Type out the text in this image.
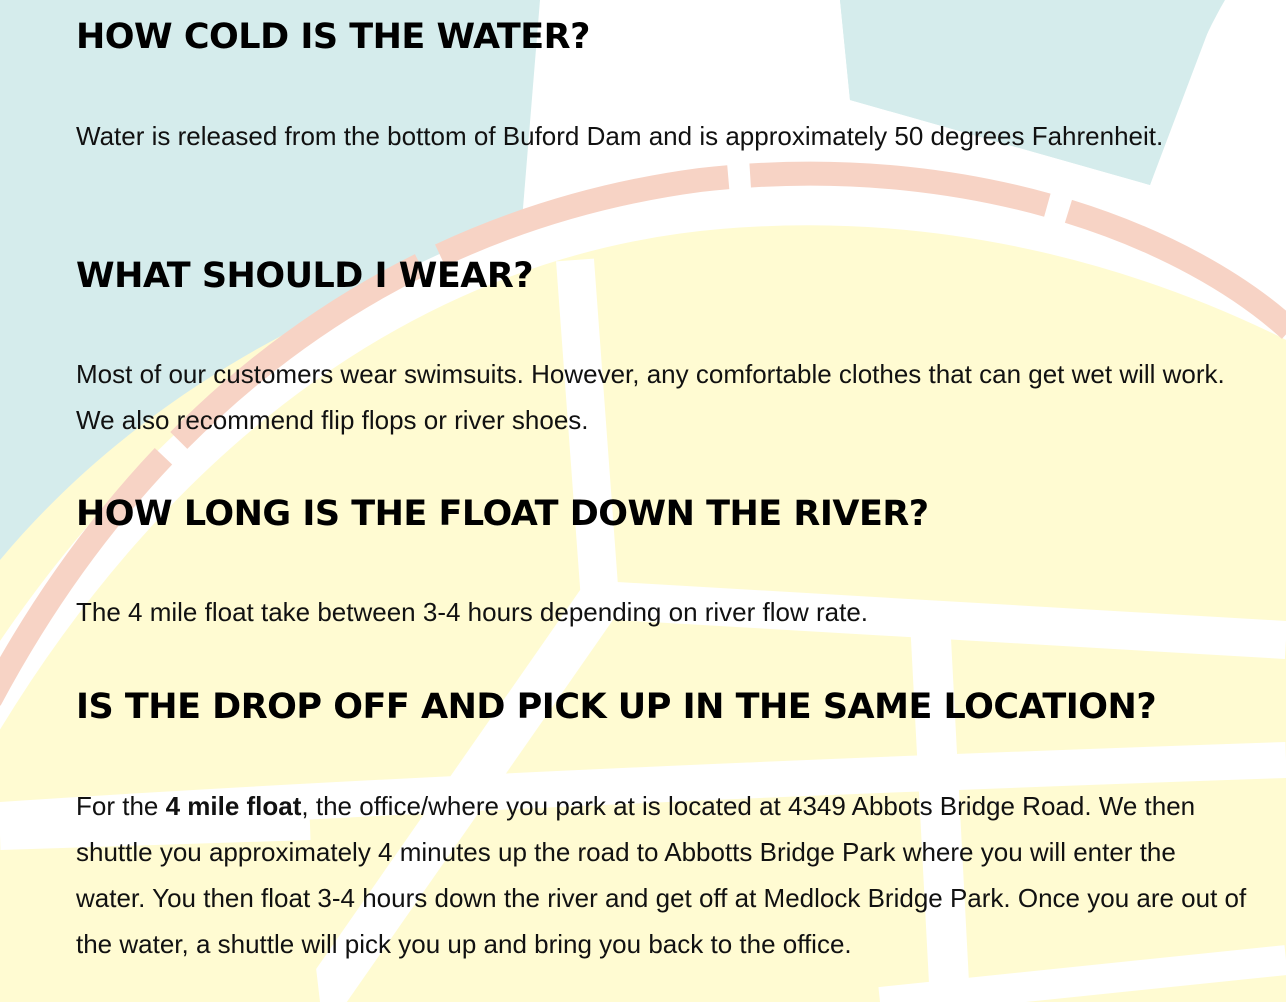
HOW COLD IS THE WATER?

Water is released from the bottom of Buford Dam and is approximately 50 degrees Fahrenheit.

WHAT SHOULD I WEAR?

Most of our customers wear swimsuits. However, any comfortable clothes that can get wet will work. We also recommend flip flops or river shoes.

HOW LONG IS THE FLOAT DOWN THE RIVER?

The 4 mile float take between 3-4 hours depending on river flow rate.

IS THE DROP OFF AND PICK UP IN THE SAME LOCATION?

For the 4 mile float, the office/where you park at is located at 4349 Abbots Bridge Road. We then shuttle you approximately 4 minutes up the road to Abbotts Bridge Park where you will enter the water. You then float 3-4 hours down the river and get off at Medlock Bridge Park. Once you are out of the water, a shuttle will pick you up and bring you back to the office.
